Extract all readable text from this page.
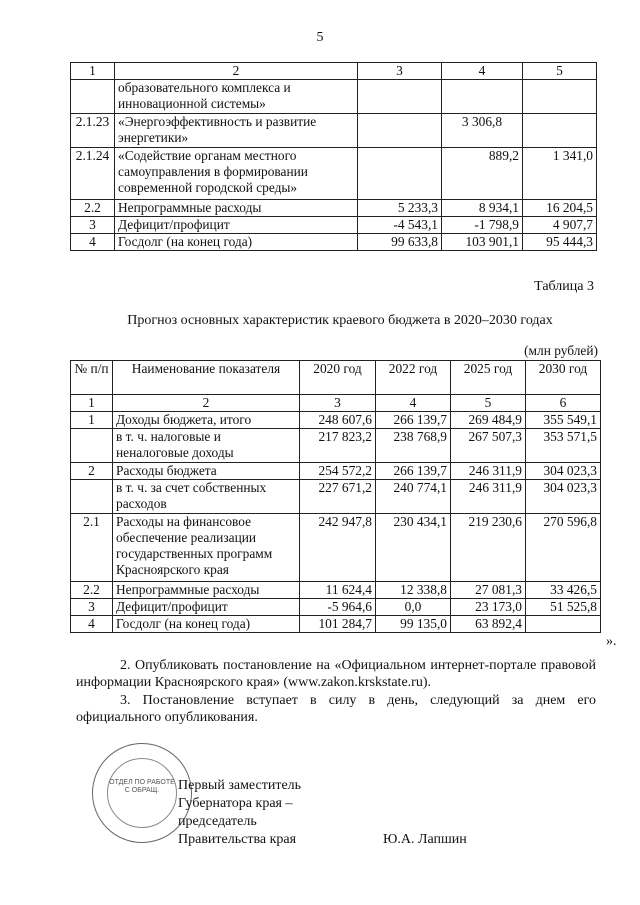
5
1	2	3	4	5
	образовательного комплекса и инновационной системы»			
2.1.23	«Энергоэффективность и развитие энергетики»		3 306,8	
2.1.24	«Содействие органам местного самоуправления в формировании современной городской среды»		889,2	1 341,0
2.2	Непрограммные расходы	5 233,3	8 934,1	16 204,5
3	Дефицит/профицит	-4 543,1	-1 798,9	4 907,7
4	Госдолг (на конец года)	99 633,8	103 901,1	95 444,3
Таблица 3
Прогноз основных характеристик краевого бюджета в 2020–2030 годах
(млн рублей)
№ п/п	Наименование показателя	2020 год	2022 год	2025 год	2030 год
1	2	3	4	5	6
1	Доходы бюджета, итого	248 607,6	266 139,7	269 484,9	355 549,1
	в т. ч. налоговые и неналоговые доходы	217 823,2	238 768,9	267 507,3	353 571,5
2	Расходы бюджета	254 572,2	266 139,7	246 311,9	304 023,3
	в т. ч. за счет собственных расходов	227 671,2	240 774,1	246 311,9	304 023,3
2.1	Расходы на финансовое обеспечение реализации государственных программ Красноярского края	242 947,8	230 434,1	219 230,6	270 596,8
2.2	Непрограммные расходы	11 624,4	12 338,8	27 081,3	33 426,5
3	Дефицит/профицит	-5 964,6	0,0	23 173,0	51 525,8
4	Госдолг (на конец года)	101 284,7	99 135,0	63 892,4	
».
2. Опубликовать постановление на «Официальном интернет-портале правовой информации Красноярского края» (www.zakon.krskstate.ru).
3. Постановление вступает в силу в день, следующий за днем его официального опубликования.
ОТДЕЛ ПО РАБОТЕ С ОБРАЩ.	Первый заместитель
Губернатора края –
председатель
Правительства края	Ю.А. Лапшин
